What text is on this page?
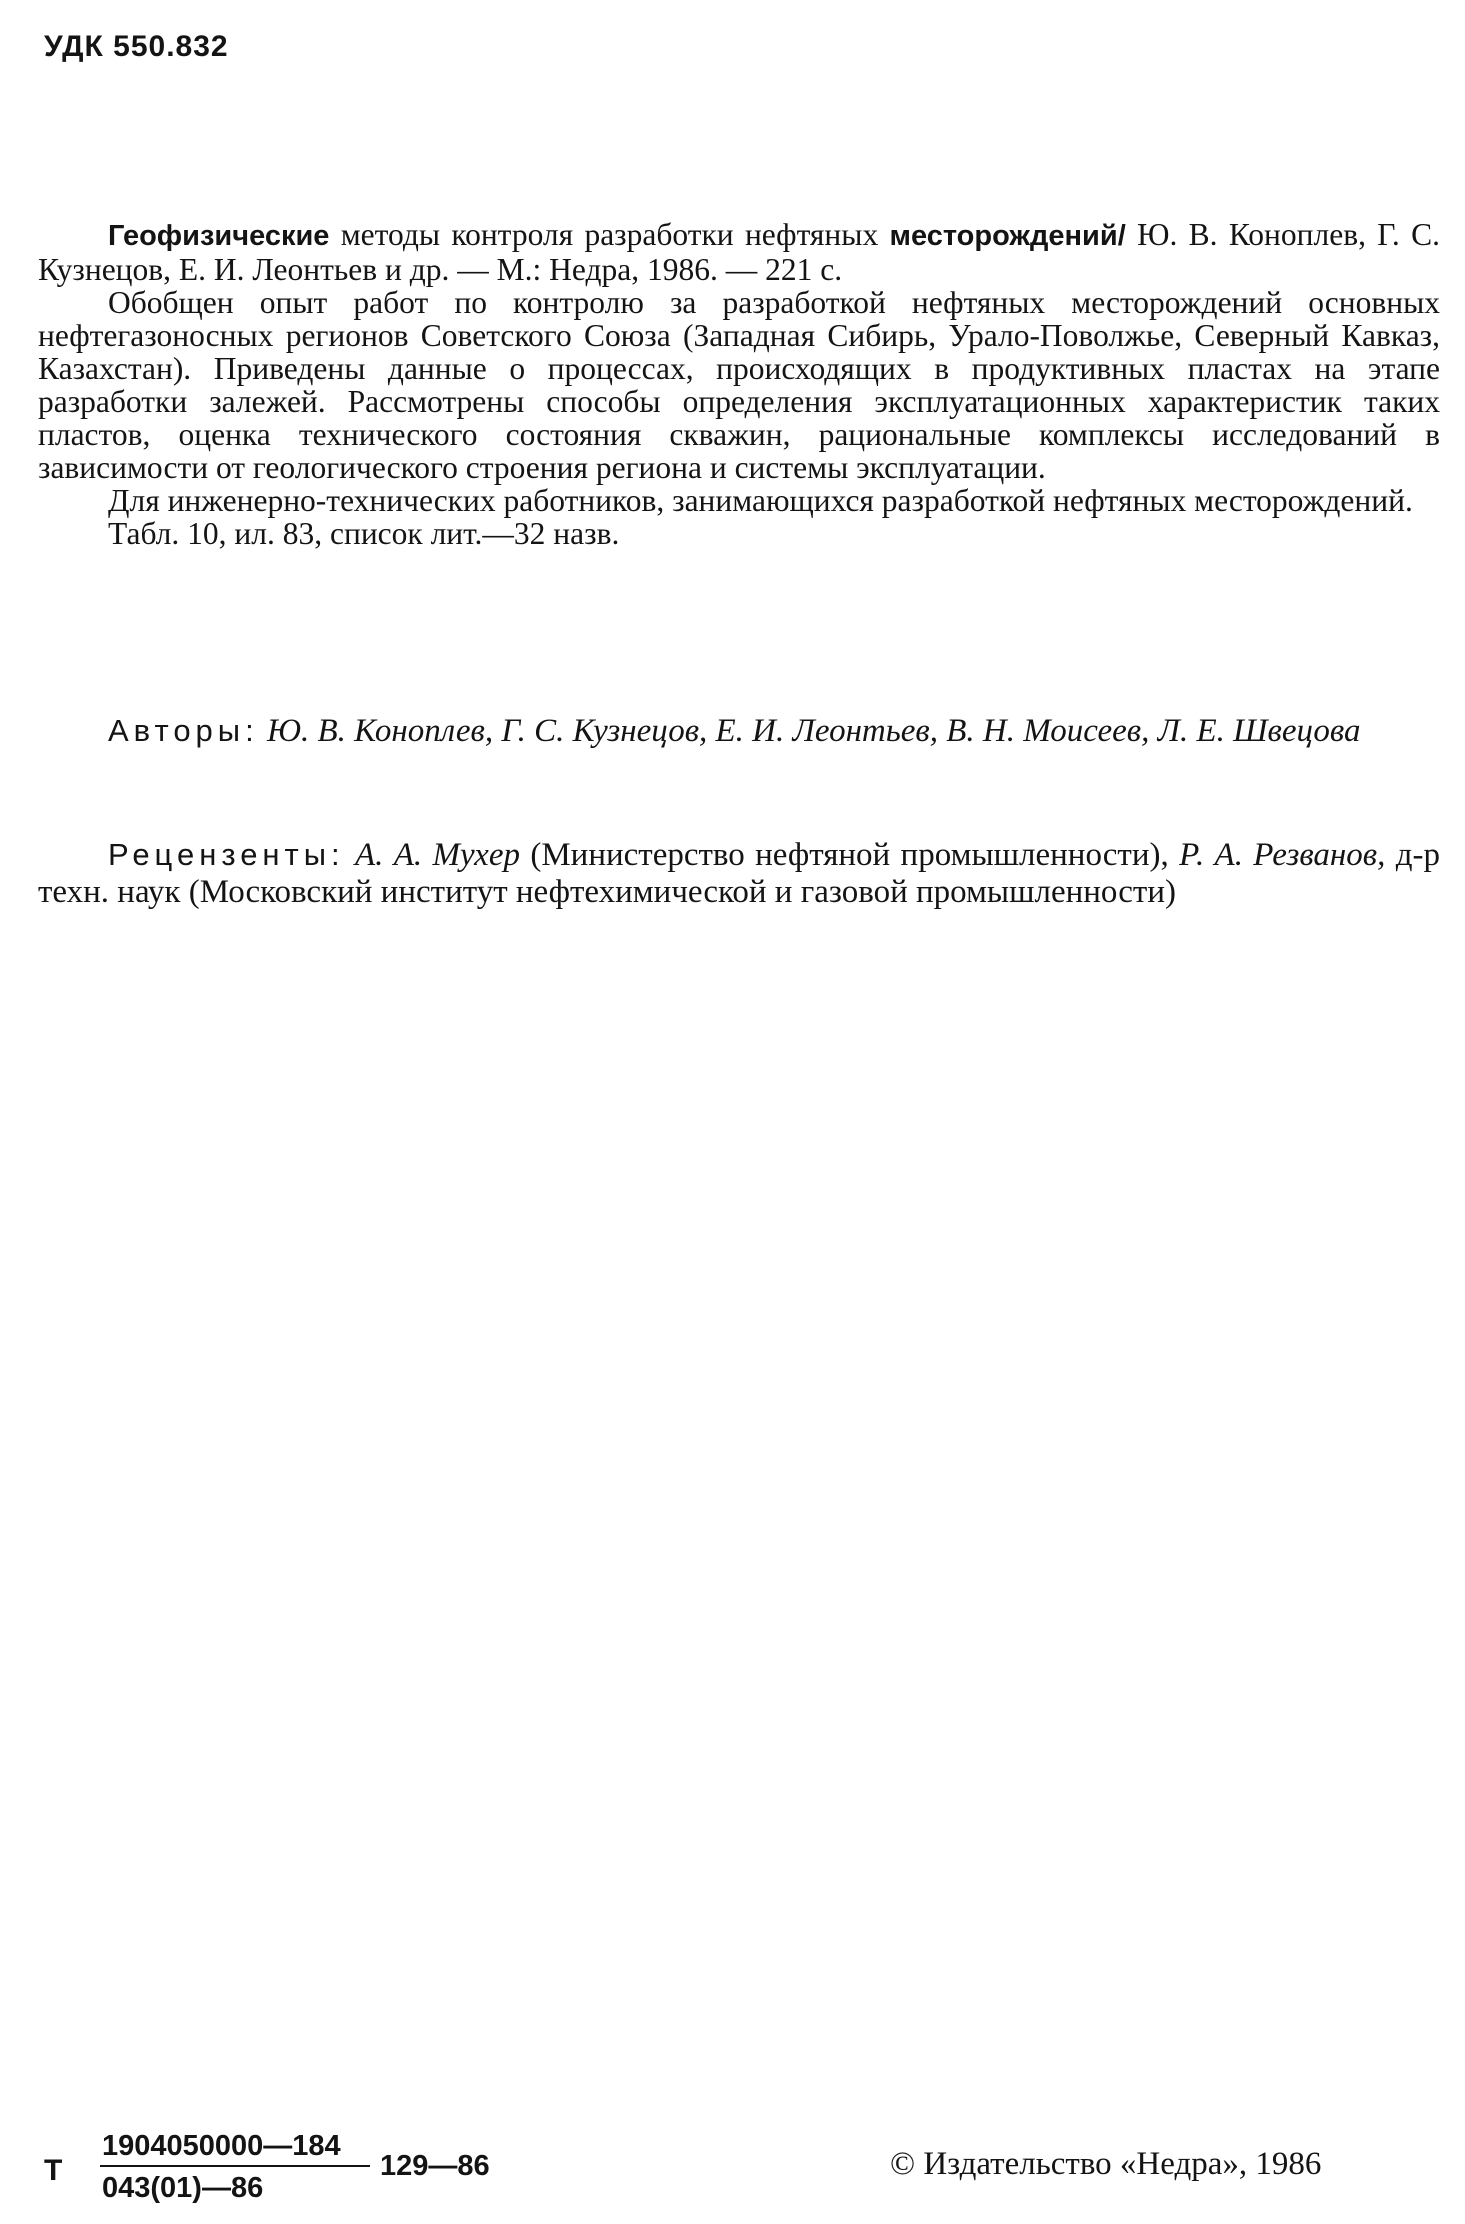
УДК 550.832

Геофизические методы контроля разработки нефтяных месторождений/ Ю. В. Коноплев, Г. С. Кузнецов, Е. И. Леонтьев и др. — М.: Недра, 1986. — 221 с.

Обобщен опыт работ по контролю за разработкой нефтяных месторождений основных нефтегазоносных регионов Советского Союза (Западная Сибирь, Урало-Поволжье, Северный Кавказ, Казахстан). Приведены данные о процессах, происходящих в продуктивных пластах на этапе разработки залежей. Рассмотрены способы определения эксплуатационных характеристик таких пластов, оценка технического состояния скважин, рациональные комплексы исследований в зависимости от геологического строения региона и системы эксплуатации.

Для инженерно-технических работников, занимающихся разработкой нефтяных месторождений.

Табл. 10, ил. 83, список лит.—32 назв.

Авторы: Ю. В. Коноплев, Г. С. Кузнецов, Е. И. Леонтьев, В. Н. Моисеев, Л. Е. Швецова

Рецензенты: А. А. Мухер (Министерство нефтяной промышленности), Р. А. Резванов, д-р техн. наук (Московский институт нефтехимической и газовой промышленности)

Т
1904050000—184
043(01)—86
129—86	© Издательство «Недра», 1986
